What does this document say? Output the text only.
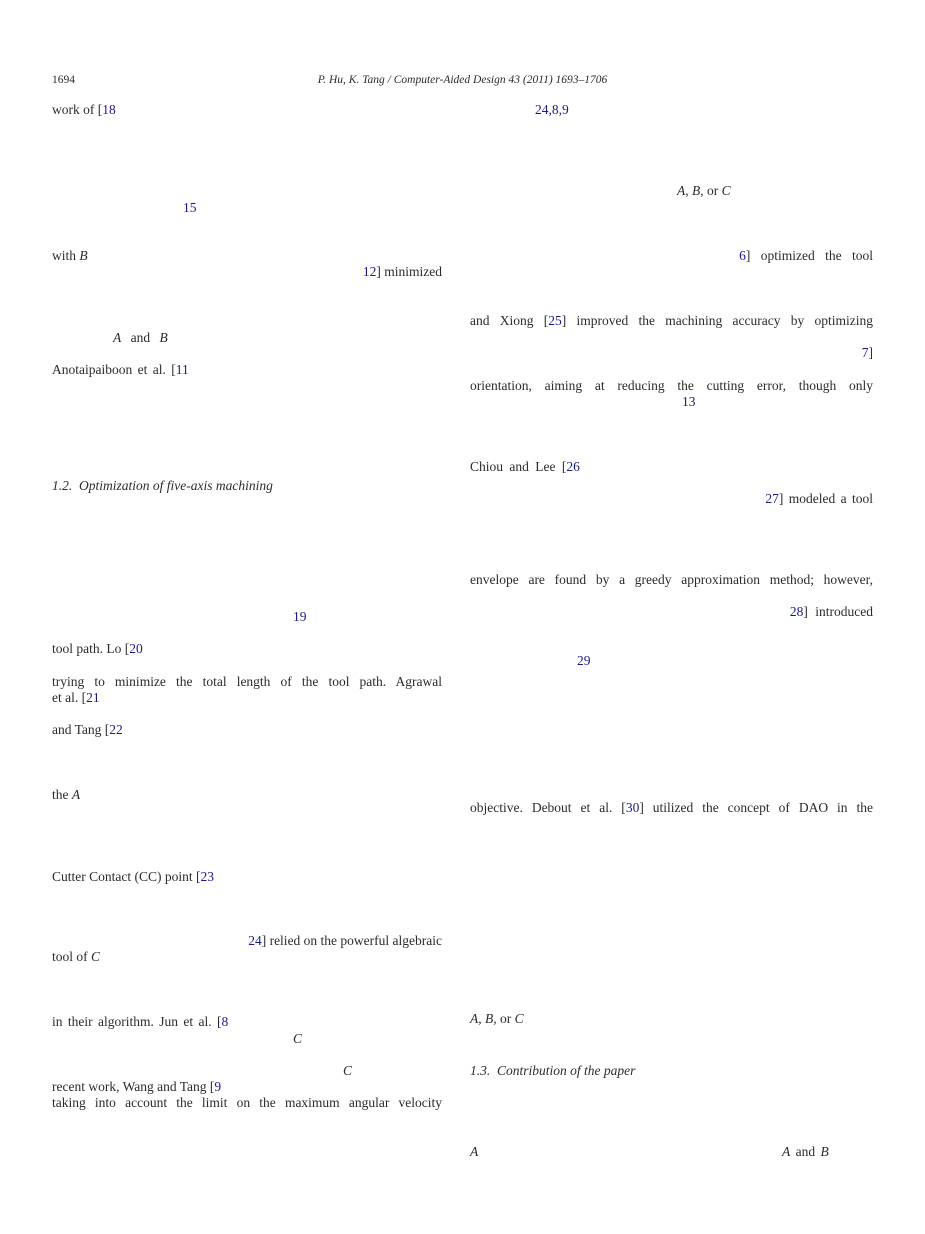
1694	P. Hu, K. Tang / Computer-Aided Design 43 (2011) 1693–1706
work of [18
15
with B
12] minimized
A and B
Anotaipaiboon et al. [11
1.2.  Optimization of five-axis machining
19
tool path. Lo [20
trying to minimize the total length of the tool path. Agrawal
et al. [21
and Tang [22
the A
Cutter Contact (CC) point [23
24] relied on the powerful algebraic
tool of C
in their algorithm. Jun et al. [8
C
C
recent work, Wang and Tang [9
taking into account the limit on the maximum angular velocity
24,8,9
A, B, or C
6] optimized the tool
and Xiong [25] improved the machining accuracy by optimizing
7]
orientation, aiming at reducing the cutting error, though only
13
Chiou and Lee [26
27] modeled a tool
envelope are found by a greedy approximation method; however,
28] introduced
29
objective. Debout et al. [30] utilized the concept of DAO in the
A, B, or C
1.3.  Contribution of the paper
A	A and B
